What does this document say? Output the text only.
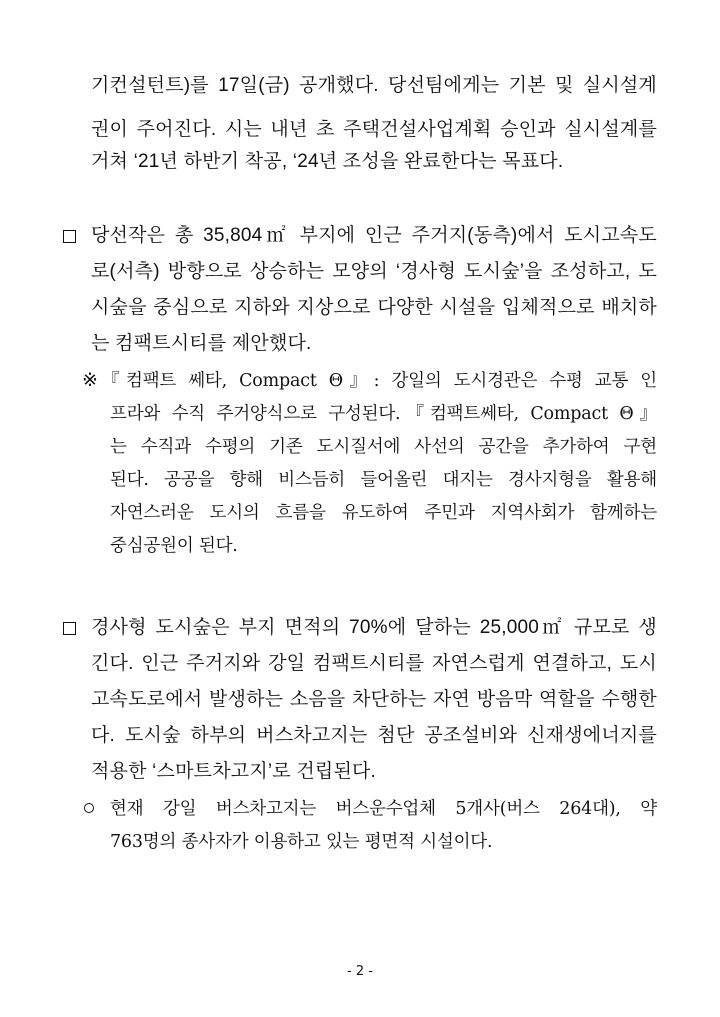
기컨설턴트)를 17일(금) 공개했다. 당선팀에게는 기본 및 실시설계
권이 주어진다. 시는 내년 초 주택건설사업계획 승인과 실시설계를
거쳐 ‘21년 하반기 착공, ‘24년 조성을 완료한다는 목표다.
당선작은 총 35,804㎡ 부지에 인근 주거지(동측)에서 도시고속도
로(서측) 방향으로 상승하는 모양의 ‘경사형 도시숲’을 조성하고, 도
시숲을 중심으로 지하와 지상으로 다양한 시설을 입체적으로 배치하
는 컴팩트시티를 제안했다.
※ 『컴팩트 쎄타, Compact Θ』: 강일의 도시경관은 수평 교통 인
프라와 수직 주거양식으로 구성된다.『컴팩트쎄타, Compact Θ』
는 수직과 수평의 기존 도시질서에 사선의 공간을 추가하여 구현
된다. 공공을 향해 비스듬히 들어올린 대지는 경사지형을 활용해
자연스러운 도시의 흐름을 유도하여 주민과 지역사회가 함께하는
중심공원이 된다.
경사형 도시숲은 부지 면적의 70%에 달하는 25,000㎡ 규모로 생
긴다. 인근 주거지와 강일 컴팩트시티를 자연스럽게 연결하고, 도시
고속도로에서 발생하는 소음을 차단하는 자연 방음막 역할을 수행한
다. 도시숲 하부의 버스차고지는 첨단 공조설비와 신재생에너지를
적용한 ‘스마트차고지’로 건립된다.
현재 강일 버스차고지는 버스운수업체 5개사(버스 264대), 약
763명의 종사자가 이용하고 있는 평면적 시설이다.
- 2 -
